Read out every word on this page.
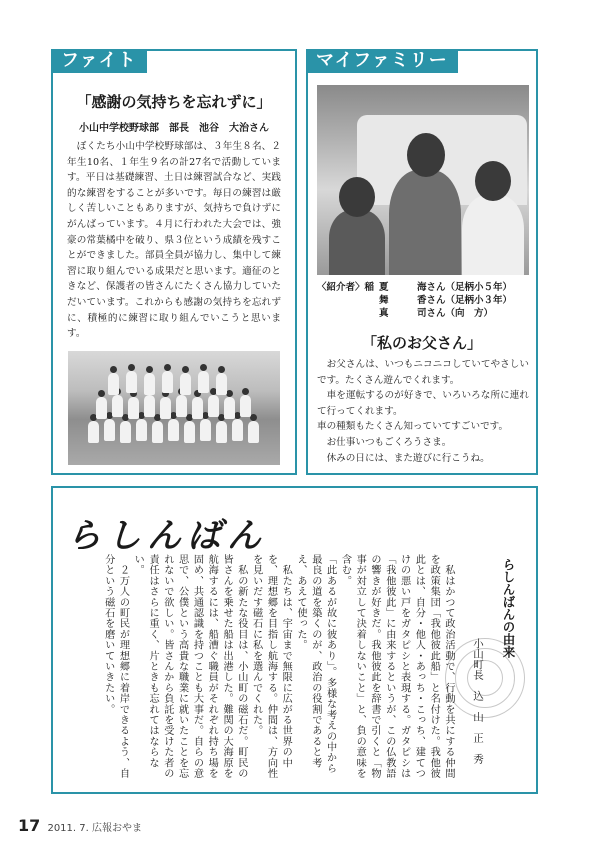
ファイト
「感謝の気持ちを忘れずに」
小山中学校野球部　部長　池谷　大治さん
　ぼくたち小山中学校野球部は、３年生８名、２年生10名、１年生９名の計27名で活動しています。平日は基礎練習、土日は練習試合など、実践的な練習をすることが多いです。毎日の練習は厳しく苦しいこともありますが、気持ちで負けずにがんばっています。４月に行われた大会では、強豪の常葉橘中を破り、県３位という成績を残すことができました。部員全員が協力し、集中して練習に取り組んでいる成果だと思います。適征のときなど、保護者の皆さんにたくさん協力していただいています。これからも感謝の気持ちを忘れずに、積極的に練習に取り組んでいこうと思います。
マイファミリー
〈紹介者〉稲 夏	海さん（足柄小５年）
舞	香さん（足柄小３年）
真	司さん（向　方）
「私のお父さん」
　お父さんは、いつもニコニコしていてやさしいです。たくさん遊んでくれます。
　車を運転するのが好きで、いろいろな所に連れて行ってくれます。
車の種類もたくさん知っていてすごいです。
　お仕事いつもごくろうさま。
　休みの日には、また遊びに行こうね。
らしんばん
らしんばんの由来
小山町長　込　山　正　秀
　私はかつて政治活動で、行動を共にする仲間を政策集団「我他彼此船」と名付けた。我他彼此とは、自分・他人・あっち・こっち、建てつけの悪い戸をガタピシと表現する。ガタピシは「我他彼此」に由来するというが、この仏教語の響きが好きだ。我他彼此を辞書で引くと「物事が対立して決着しないこと」と、負の意味を含む。
「此あるが故に彼あり」。多様な考えの中から最良の道を築くのが、政治の役割であると考え、あえて使った。
　私たちは、宇宙まで無限に広がる世界の中を、理想郷を目指し航海する。仲間は、方向性を見いだす磁石に私を選んでくれた。
　私の新たな役目は、小山町の磁石だ。町民の皆さんを乗せた船は出港した。難関の大海原を航海するには、船漕ぐ職員がそれぞれ持ち場を固め、共通認識を持つことも大事だ。自らの意思で、公僕という高貴な職業に就いたことを忘れないで欲しい。皆さんから負託を受けた者の責任はさらに重く、片ときも忘れてはならない。
　２万人の町民が理想郷に着岸できるよう、自分という磁石を磨いていきたい。
17 2011. 7. 広報おやま
